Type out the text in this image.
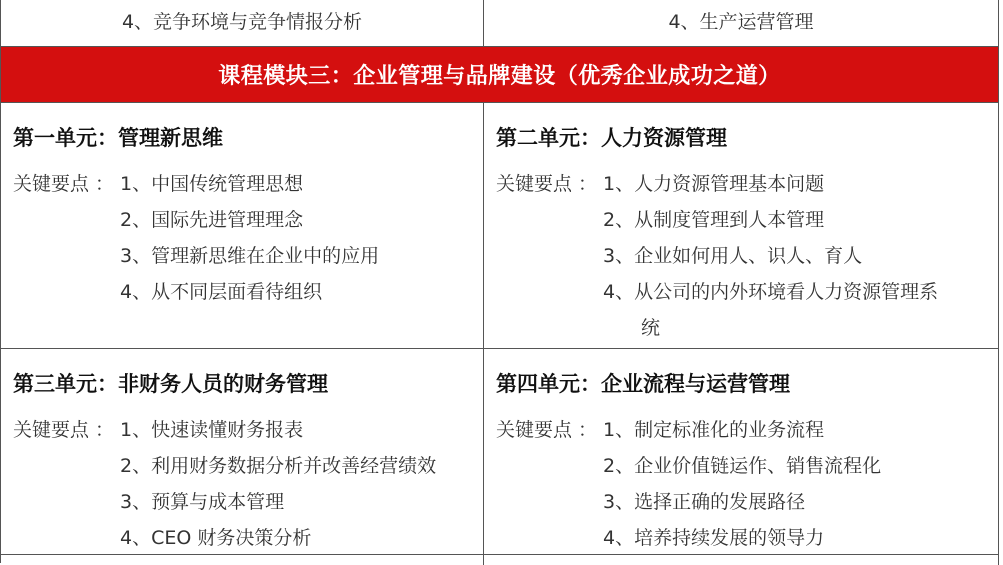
4、竞争环境与竞争情报分析	4、生产运营管理
课程模块三：企业管理与品牌建设（优秀企业成功之道）
第一单元：管理新思维
关键要点 ： 1、中国传统管理思想
2、国际先进管理理念
3、管理新思维在企业中的应用
4、从不同层面看待组织
第二单元：人力资源管理
关键要点 ： 1、人力资源管理基本问题
2、从制度管理到人本管理
3、企业如何用人、识人、育人
4、从公司的内外环境看人力资源管理系
统
第三单元：非财务人员的财务管理
关键要点 ： 1、快速读懂财务报表
2、利用财务数据分析并改善经营绩效
3、预算与成本管理
4、CEO 财务决策分析
第四单元：企业流程与运营管理
关键要点 ： 1、制定标准化的业务流程
2、企业价值链运作、销售流程化
3、选择正确的发展路径
4、培养持续发展的领导力
